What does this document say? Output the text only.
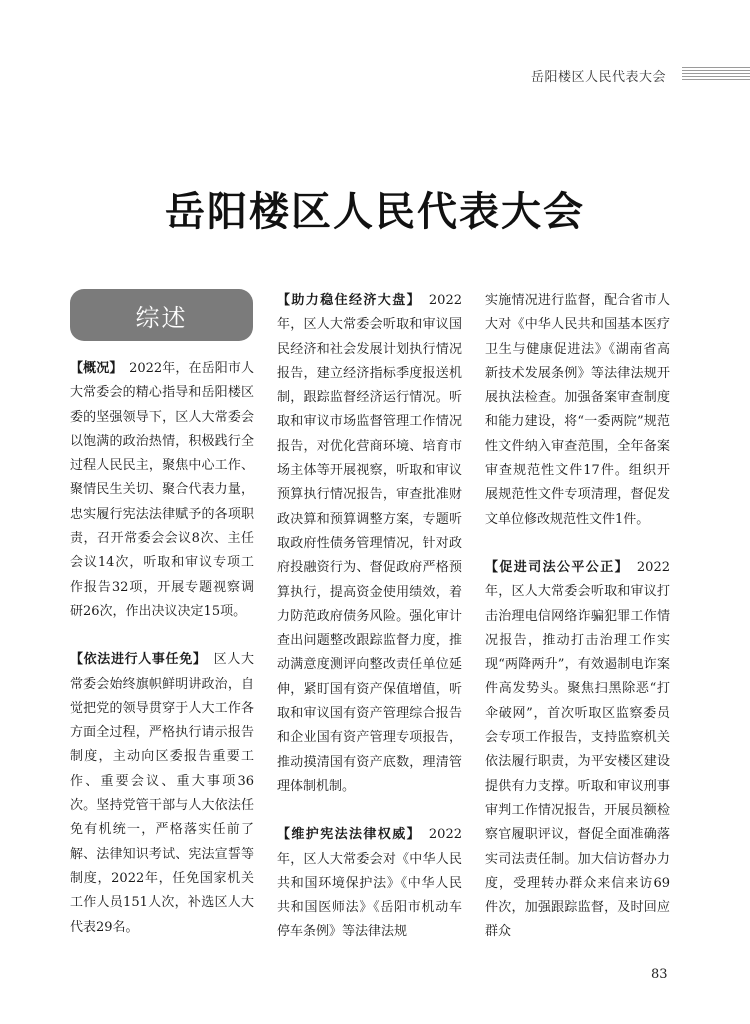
岳阳楼区人民代表大会
岳阳楼区人民代表大会
综述

【概况】　2022年，在岳阳市人大常委会的精心指导和岳阳楼区委的坚强领导下，区人大常委会以饱满的政治热情，积极践行全过程人民民主，聚焦中心工作、聚情民生关切、聚合代表力量，忠实履行宪法法律赋予的各项职责，召开常委会会议8次、主任会议14次，听取和审议专项工作报告32项，开展专题视察调研26次，作出决议决定15项。

【依法进行人事任免】　区人大常委会始终旗帜鲜明讲政治，自觉把党的领导贯穿于人大工作各方面全过程，严格执行请示报告制度，主动向区委报告重要工作、重要会议、重大事项36次。坚持党管干部与人大依法任免有机统一，严格落实任前了解、法律知识考试、宪法宣誓等制度，2022年，任免国家机关工作人员151人次，补选区人大代表29名。

【助力稳住经济大盘】　2022年，区人大常委会听取和审议国民经济和社会发展计划执行情况报告，建立经济指标季度报送机制，跟踪监督经济运行情况。听取和审议市场监督管理工作情况报告，对优化营商环境、培育市场主体等开展视察，听取和审议预算执行情况报告，审查批准财政决算和预算调整方案，专题听取政府性债务管理情况，针对政府投融资行为、督促政府严格预算执行，提高资金使用绩效，着力防范政府债务风险。强化审计查出问题整改跟踪监督力度，推动满意度测评向整改责任单位延伸，紧盯国有资产保值增值，听取和审议国有资产管理综合报告和企业国有资产管理专项报告，推动摸清国有资产底数，理清管理体制机制。

【维护宪法法律权威】　2022年，区人大常委会对《中华人民共和国环境保护法》《中华人民共和国医师法》《岳阳市机动车停车条例》等法律法规

实施情况进行监督，配合省市人大对《中华人民共和国基本医疗卫生与健康促进法》《湖南省高新技术发展条例》等法律法规开展执法检查。加强备案审查制度和能力建设，将“一委两院”规范性文件纳入审查范围，全年备案审查规范性文件17件。组织开展规范性文件专项清理，督促发文单位修改规范性文件1件。

【促进司法公平公正】　2022年，区人大常委会听取和审议打击治理电信网络诈骗犯罪工作情况报告，推动打击治理工作实现“两降两升”，有效遏制电诈案件高发势头。聚焦扫黑除恶“打伞破网”，首次听取区监察委员会专项工作报告，支持监察机关依法履行职责，为平安楼区建设提供有力支撑。听取和审议刑事审判工作情况报告，开展员额检察官履职评议，督促全面准确落实司法责任制。加大信访督办力度，受理转办群众来信来访69件次，加强跟踪监督，及时回应群众

83
